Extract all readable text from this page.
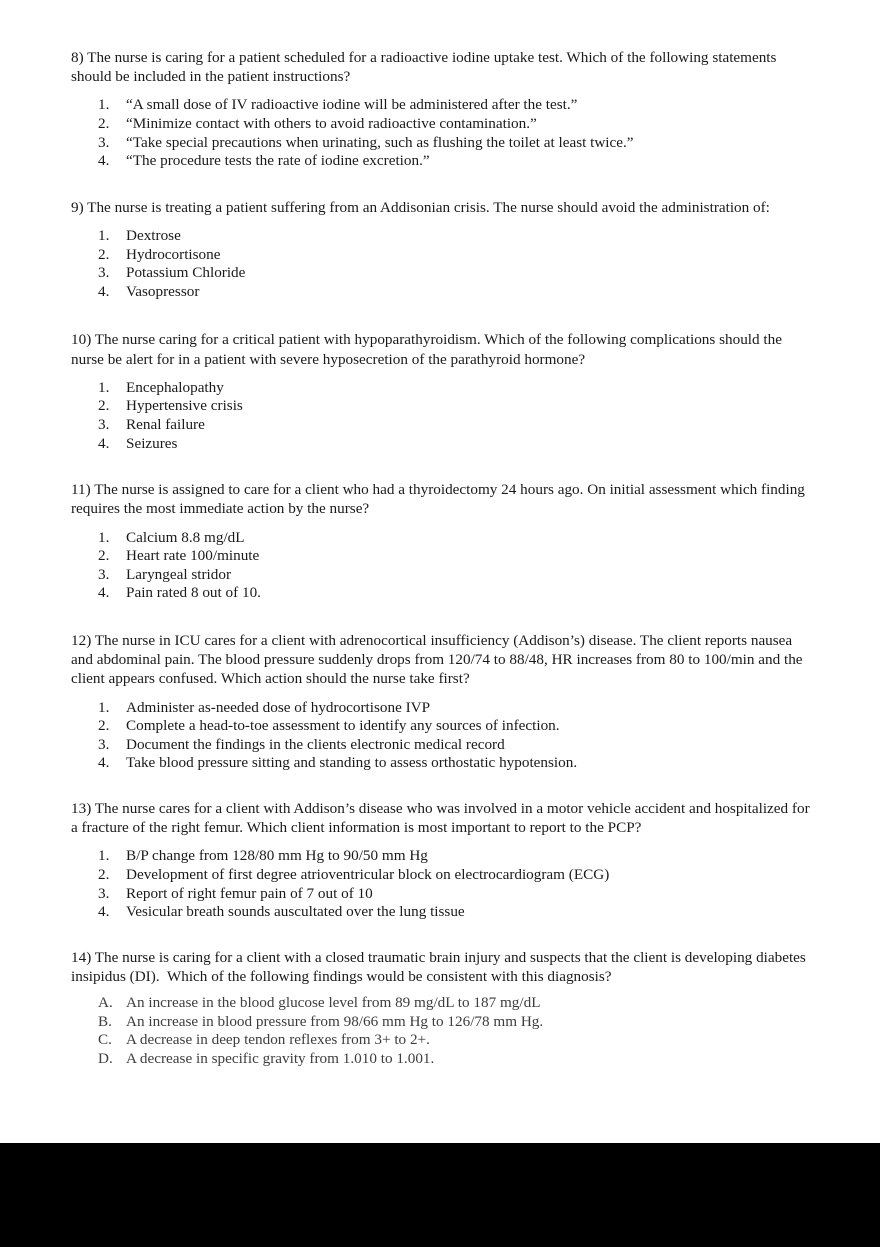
8) The nurse is caring for a patient scheduled for a radioactive iodine uptake test. Which of the following statements should be included in the patient instructions?

1.	“A small dose of IV radioactive iodine will be administered after the test.”
2.	“Minimize contact with others to avoid radioactive contamination.”
3.	“Take special precautions when urinating, such as flushing the toilet at least twice.”
4.	“The procedure tests the rate of iodine excretion.”

9) The nurse is treating a patient suffering from an Addisonian crisis. The nurse should avoid the administration of:

1.	Dextrose
2.	Hydrocortisone
3.	Potassium Chloride
4.	Vasopressor

10) The nurse caring for a critical patient with hypoparathyroidism. Which of the following complications should the nurse be alert for in a patient with severe hyposecretion of the parathyroid hormone?

1.	Encephalopathy
2.	Hypertensive crisis
3.	Renal failure
4.	Seizures

11) The nurse is assigned to care for a client who had a thyroidectomy 24 hours ago. On initial assessment which finding requires the most immediate action by the nurse?

1.	Calcium 8.8 mg/dL
2.	Heart rate 100/minute
3.	Laryngeal stridor
4.	Pain rated 8 out of 10.

12) The nurse in ICU cares for a client with adrenocortical insufficiency (Addison’s) disease. The client reports nausea and abdominal pain. The blood pressure suddenly drops from 120/74 to 88/48, HR increases from 80 to 100/min and the client appears confused. Which action should the nurse take first?

1.	Administer as-needed dose of hydrocortisone IVP
2.	Complete a head-to-toe assessment to identify any sources of infection.
3.	Document the findings in the clients electronic medical record
4.	Take blood pressure sitting and standing to assess orthostatic hypotension.

13) The nurse cares for a client with Addison’s disease who was involved in a motor vehicle accident and hospitalized for a fracture of the right femur. Which client information is most important to report to the PCP?

1.	B/P change from 128/80 mm Hg to 90/50 mm Hg
2.	Development of first degree atrioventricular block on electrocardiogram (ECG)
3.	Report of right femur pain of 7 out of 10
4.	Vesicular breath sounds auscultated over the lung tissue

14) The nurse is caring for a client with a closed traumatic brain injury and suspects that the client is developing diabetes insipidus (DI).  Which of the following findings would be consistent with this diagnosis?

A. An increase in the blood glucose level from 89 mg/dL to 187 mg/dL
B. An increase in blood pressure from 98/66 mm Hg to 126/78 mm Hg.
C. A decrease in deep tendon reflexes from 3+ to 2+.
D. A decrease in specific gravity from 1.010 to 1.001.
